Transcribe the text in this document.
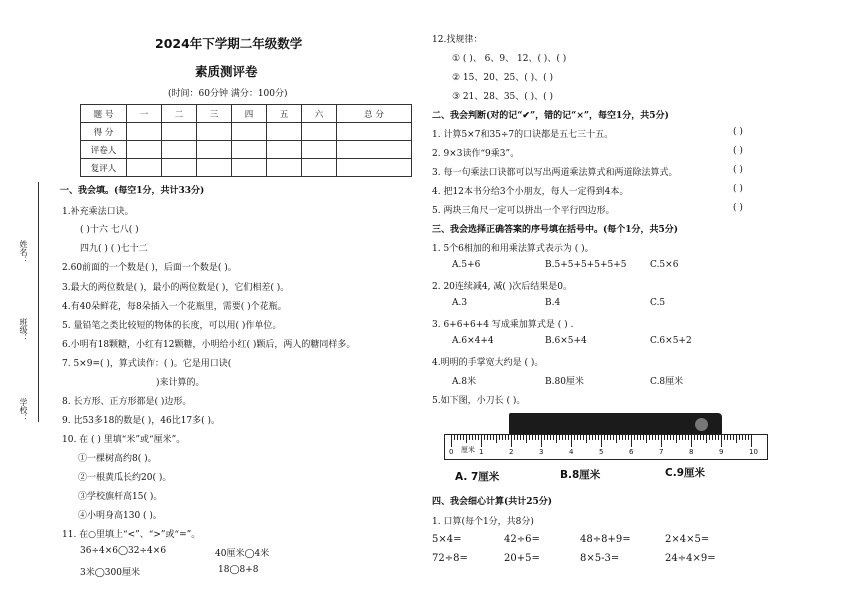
2024年下学期二年级数学
素质测评卷
(时间：60分钟 满分：100分)
题 号	一	二	三	四	五	六	总 分
得 分							
评卷人							
复评人							
姓名：
班级：
学校：
一、我会填。(每空1分，共计33分)
1.补充乘法口诀。
( )十六 七八( )
四九( ) ( )七十二
2.60前面的一个数是( )，后面一个数是( )。
3.最大的两位数是( )，最小的两位数是( )，它们相差( )。
4.有40朵鲜花，每8朵插入一个花瓶里，需要( )个花瓶。
5. 量铅笔之类比较短的物体的长度，可以用( )作单位。
6.小明有18颗糖，小红有12颗糖，小明给小红( )颗后，两人的糖同样多。
7. 5×9=( )，算式读作：( )。它是用口诀(
)来计算的。
8. 长方形、正方形都是( )边形。
9. 比53多18的数是( )，46比17多( )。
10. 在 ( ) 里填“米”或“厘米”。
①一棵树高约8( )。
②一根黄瓜长约20( )。
③学校旗杆高15( )。
④小明身高130 ( )。
11. 在○里填上“<”、“>”或“=”。
36÷4×6◯32÷4×6	40厘米◯4米
3米◯300厘米	18◯8+8
12.找规律：
① ( )、 6、9、 12、( )、( )
② 15、20、25、( )、( )
③ 21、28、35、( )、( )
二、我会判断(对的记“✔”，错的记“×”，每空1分，共5分)
1. 计算5×7和35÷7的口诀都是五七三十五。	( )
2. 9×3读作“9乘3”。	( )
3. 每一句乘法口诀都可以写出两道乘法算式和两道除法算式。	( )
4. 把12本书分给3个小朋友，每人一定得到4本。	( )
5. 两块三角尺一定可以拼出一个平行四边形。	( )
三、我会选择正确答案的序号填在括号中。(每个1分，共5分)
1. 5个6相加的和用乘法算式表示为 ( )。
A.5+6	B.5+5+5+5+5+5	C.5×6
2. 20连续减4, 减( )次后结果是0。
A.3	B.4	C.5
3. 6+6+6+4 写成乘加算式是 ( ) .
A.6×4+4	B.6×5+4	C.6×5+2
4.明明的手掌宽大约是 ( )。
A.8米	B.80厘米	C.8厘米
5.如下图，小刀长 ( )。
厘米
0	1	2	3	4	5	6	7	8	9	10
A. 7厘米	B.8厘米	C.9厘米
四、我会细心计算(共计25分)
1. 口算(每个1分，共8分)
5×4=	42÷6=	48÷8+9=	2×4×5=
72÷8=	20+5=	8×5-3=	24÷4×9=
